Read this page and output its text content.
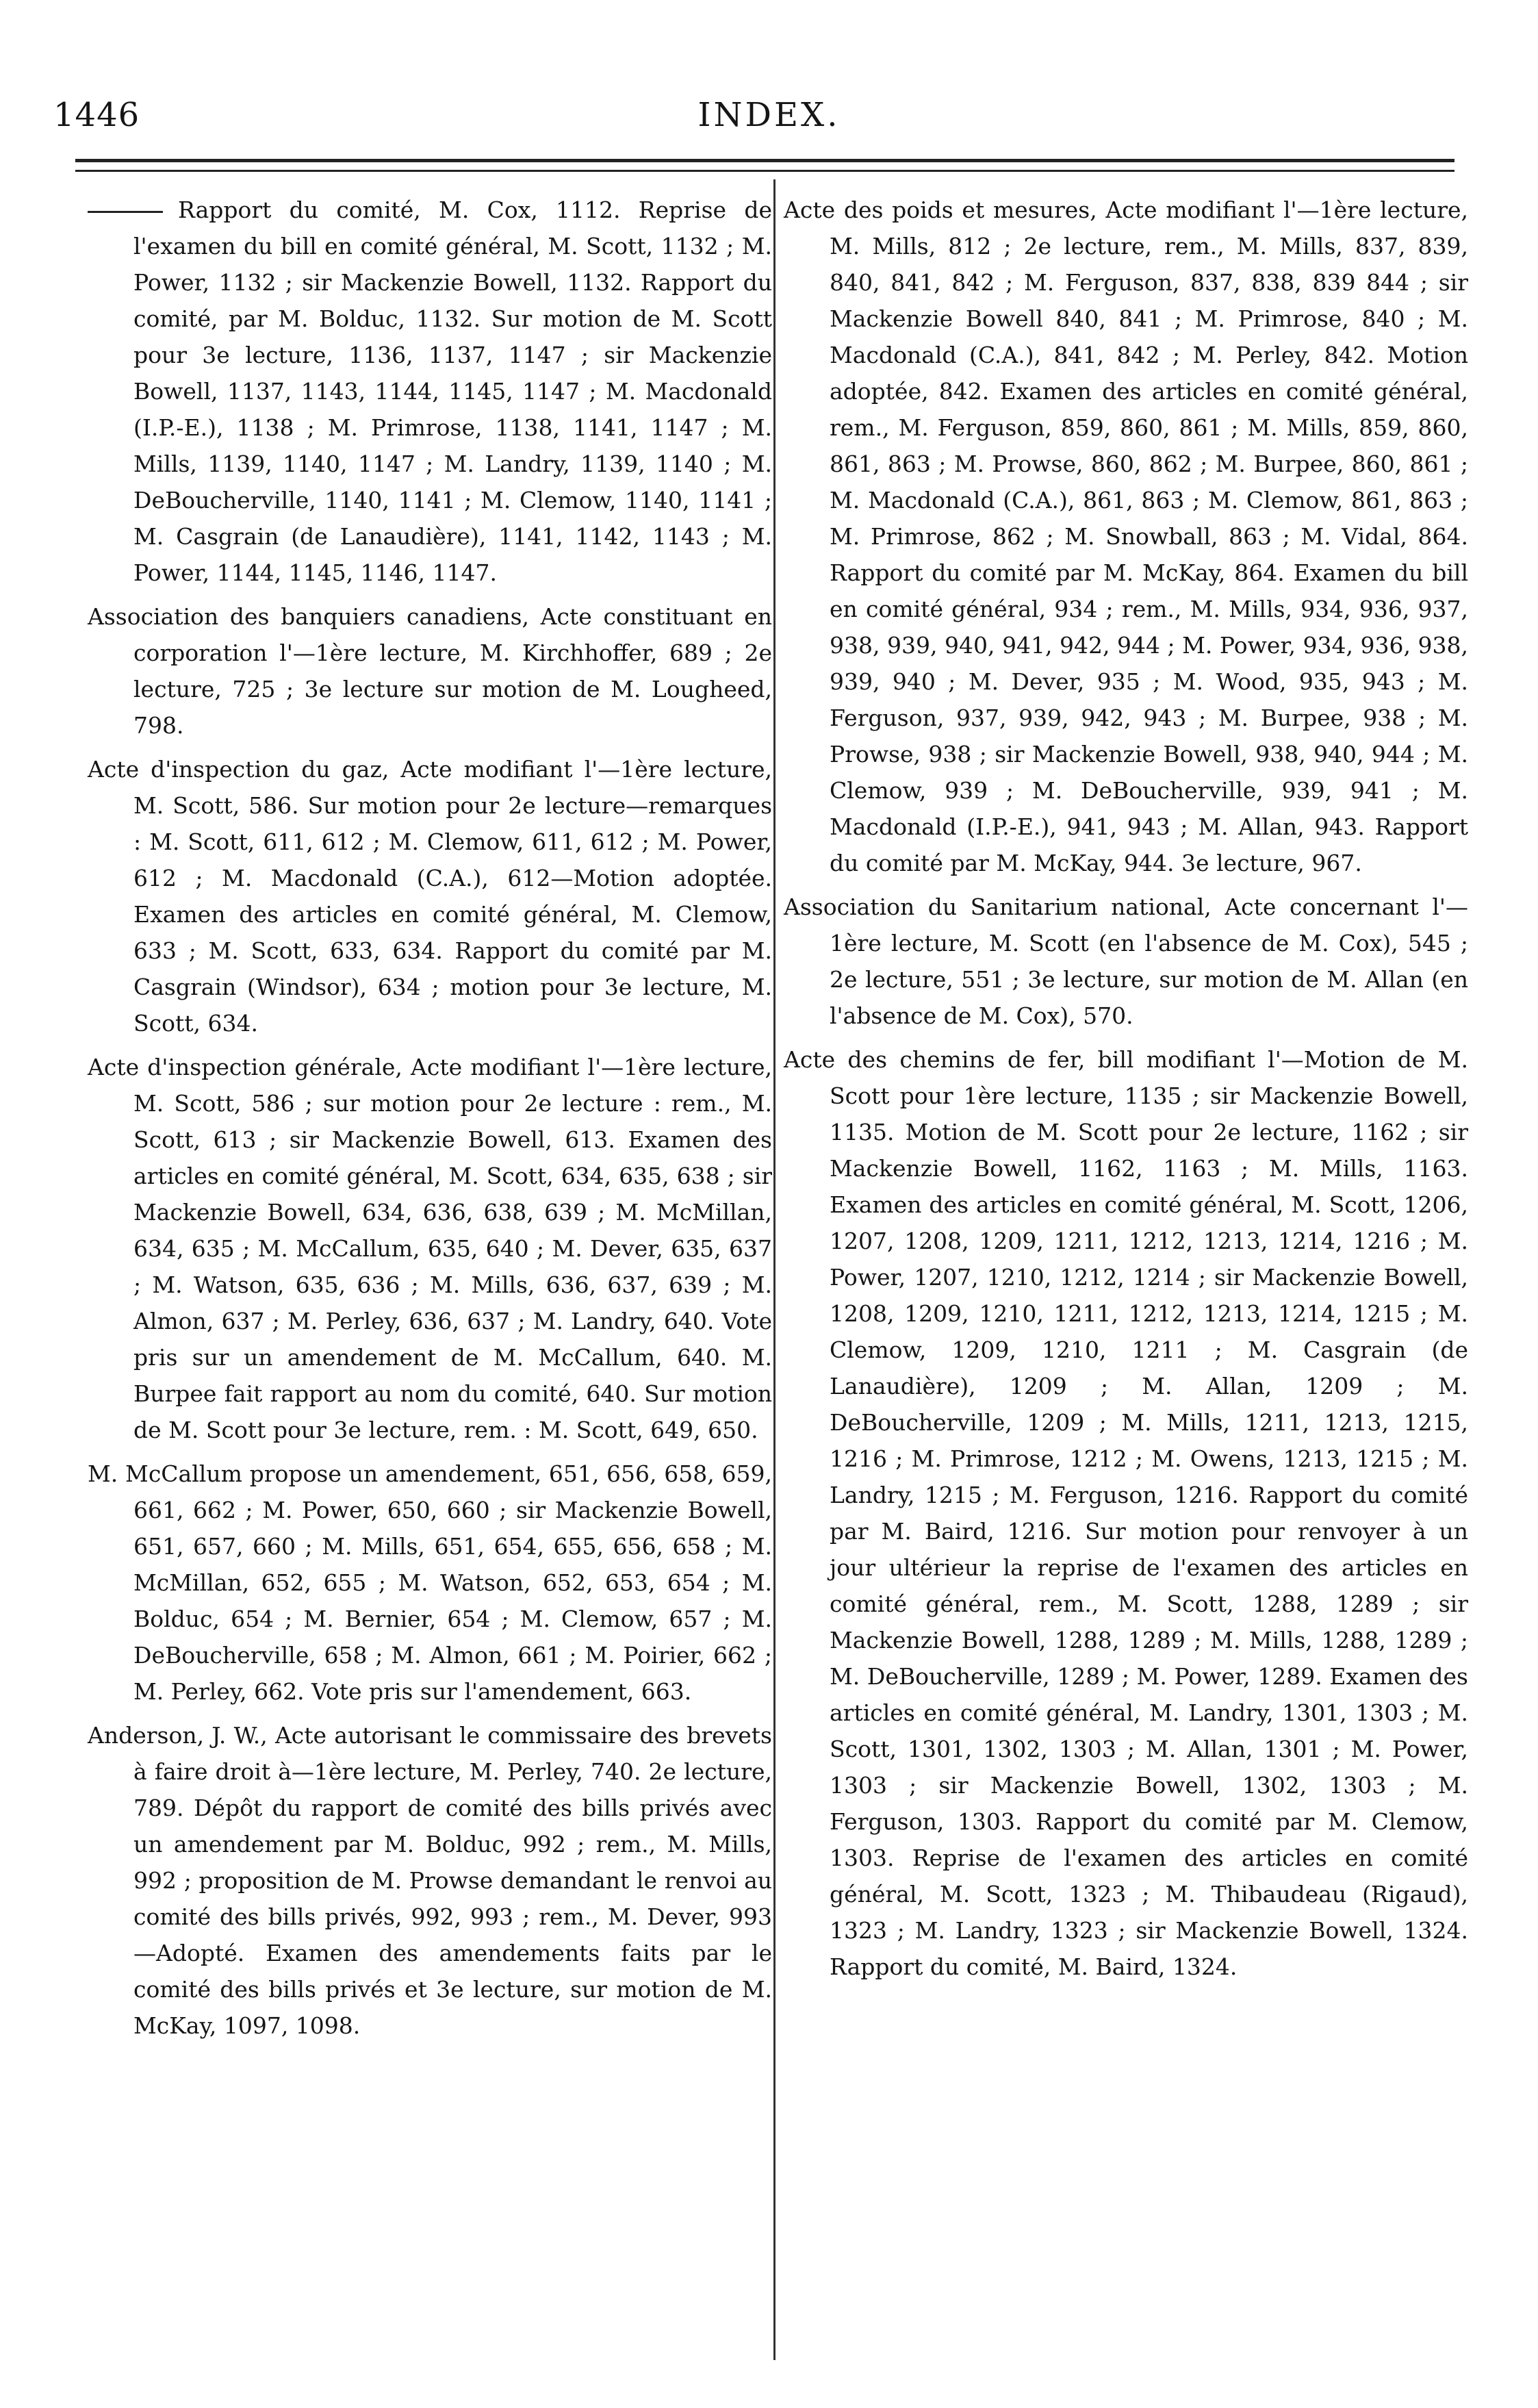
1446	INDEX.

Rapport du comité, M. Cox, 1112. Reprise de l'examen du bill en comité général, M. Scott, 1132 ; M. Power, 1132 ; sir Mackenzie Bowell, 1132. Rapport du comité, par M. Bolduc, 1132. Sur motion de M. Scott pour 3e lecture, 1136, 1137, 1147 ; sir Mackenzie Bowell, 1137, 1143, 1144, 1145, 1147 ; M. Macdonald (I.P.-E.), 1138 ; M. Primrose, 1138, 1141, 1147 ; M. Mills, 1139, 1140, 1147 ; M. Landry, 1139, 1140 ; M. DeBoucherville, 1140, 1141 ; M. Clemow, 1140, 1141 ; M. Casgrain (de Lanaudière), 1141, 1142, 1143 ; M. Power, 1144, 1145, 1146, 1147.

Association des banquiers canadiens, Acte constituant en corporation l'—1ère lecture, M. Kirchhoffer, 689 ; 2e lecture, 725 ; 3e lecture sur motion de M. Lougheed, 798.

Acte d'inspection du gaz, Acte modifiant l'—1ère lecture, M. Scott, 586. Sur motion pour 2e lecture—remarques : M. Scott, 611, 612 ; M. Clemow, 611, 612 ; M. Power, 612 ; M. Macdonald (C.A.), 612—Motion adoptée. Examen des articles en comité général, M. Clemow, 633 ; M. Scott, 633, 634. Rapport du comité par M. Casgrain (Windsor), 634 ; motion pour 3e lecture, M. Scott, 634.

Acte d'inspection générale, Acte modifiant l'—1ère lecture, M. Scott, 586 ; sur motion pour 2e lecture : rem., M. Scott, 613 ; sir Mackenzie Bowell, 613. Examen des articles en comité général, M. Scott, 634, 635, 638 ; sir Mackenzie Bowell, 634, 636, 638, 639 ; M. McMillan, 634, 635 ; M. McCallum, 635, 640 ; M. Dever, 635, 637 ; M. Watson, 635, 636 ; M. Mills, 636, 637, 639 ; M. Almon, 637 ; M. Perley, 636, 637 ; M. Landry, 640. Vote pris sur un amendement de M. McCallum, 640. M. Burpee fait rapport au nom du comité, 640. Sur motion de M. Scott pour 3e lecture, rem. : M. Scott, 649, 650.

M. McCallum propose un amendement, 651, 656, 658, 659, 661, 662 ; M. Power, 650, 660 ; sir Mackenzie Bowell, 651, 657, 660 ; M. Mills, 651, 654, 655, 656, 658 ; M. McMillan, 652, 655 ; M. Watson, 652, 653, 654 ; M. Bolduc, 654 ; M. Bernier, 654 ; M. Clemow, 657 ; M. DeBoucherville, 658 ; M. Almon, 661 ; M. Poirier, 662 ; M. Perley, 662. Vote pris sur l'amendement, 663.

Anderson, J. W., Acte autorisant le commissaire des brevets à faire droit à—1ère lecture, M. Perley, 740. 2e lecture, 789. Dépôt du rapport de comité des bills privés avec un amendement par M. Bolduc, 992 ; rem., M. Mills, 992 ; proposition de M. Prowse demandant le renvoi au comité des bills privés, 992, 993 ; rem., M. Dever, 993—Adopté. Examen des amendements faits par le comité des bills privés et 3e lecture, sur motion de M. McKay, 1097, 1098.

Acte des poids et mesures, Acte modifiant l'—1ère lecture, M. Mills, 812 ; 2e lecture, rem., M. Mills, 837, 839, 840, 841, 842 ; M. Ferguson, 837, 838, 839 844 ; sir Mackenzie Bowell 840, 841 ; M. Primrose, 840 ; M. Macdonald (C.A.), 841, 842 ; M. Perley, 842. Motion adoptée, 842. Examen des articles en comité général, rem., M. Ferguson, 859, 860, 861 ; M. Mills, 859, 860, 861, 863 ; M. Prowse, 860, 862 ; M. Burpee, 860, 861 ; M. Macdonald (C.A.), 861, 863 ; M. Clemow, 861, 863 ; M. Primrose, 862 ; M. Snowball, 863 ; M. Vidal, 864. Rapport du comité par M. McKay, 864. Examen du bill en comité général, 934 ; rem., M. Mills, 934, 936, 937, 938, 939, 940, 941, 942, 944 ; M. Power, 934, 936, 938, 939, 940 ; M. Dever, 935 ; M. Wood, 935, 943 ; M. Ferguson, 937, 939, 942, 943 ; M. Burpee, 938 ; M. Prowse, 938 ; sir Mackenzie Bowell, 938, 940, 944 ; M. Clemow, 939 ; M. DeBoucherville, 939, 941 ; M. Macdonald (I.P.-E.), 941, 943 ; M. Allan, 943. Rapport du comité par M. McKay, 944. 3e lecture, 967.

Association du Sanitarium national, Acte concernant l'—1ère lecture, M. Scott (en l'absence de M. Cox), 545 ; 2e lecture, 551 ; 3e lecture, sur motion de M. Allan (en l'absence de M. Cox), 570.

Acte des chemins de fer, bill modifiant l'—Motion de M. Scott pour 1ère lecture, 1135 ; sir Mackenzie Bowell, 1135. Motion de M. Scott pour 2e lecture, 1162 ; sir Mackenzie Bowell, 1162, 1163 ; M. Mills, 1163. Examen des articles en comité général, M. Scott, 1206, 1207, 1208, 1209, 1211, 1212, 1213, 1214, 1216 ; M. Power, 1207, 1210, 1212, 1214 ; sir Mackenzie Bowell, 1208, 1209, 1210, 1211, 1212, 1213, 1214, 1215 ; M. Clemow, 1209, 1210, 1211 ; M. Casgrain (de Lanaudière), 1209 ; M. Allan, 1209 ; M. DeBoucherville, 1209 ; M. Mills, 1211, 1213, 1215, 1216 ; M. Primrose, 1212 ; M. Owens, 1213, 1215 ; M. Landry, 1215 ; M. Ferguson, 1216. Rapport du comité par M. Baird, 1216. Sur motion pour renvoyer à un jour ultérieur la reprise de l'examen des articles en comité général, rem., M. Scott, 1288, 1289 ; sir Mackenzie Bowell, 1288, 1289 ; M. Mills, 1288, 1289 ; M. DeBoucherville, 1289 ; M. Power, 1289. Examen des articles en comité général, M. Landry, 1301, 1303 ; M. Scott, 1301, 1302, 1303 ; M. Allan, 1301 ; M. Power, 1303 ; sir Mackenzie Bowell, 1302, 1303 ; M. Ferguson, 1303. Rapport du comité par M. Clemow, 1303. Reprise de l'examen des articles en comité général, M. Scott, 1323 ; M. Thibaudeau (Rigaud), 1323 ; M. Landry, 1323 ; sir Mackenzie Bowell, 1324. Rapport du comité, M. Baird, 1324.
